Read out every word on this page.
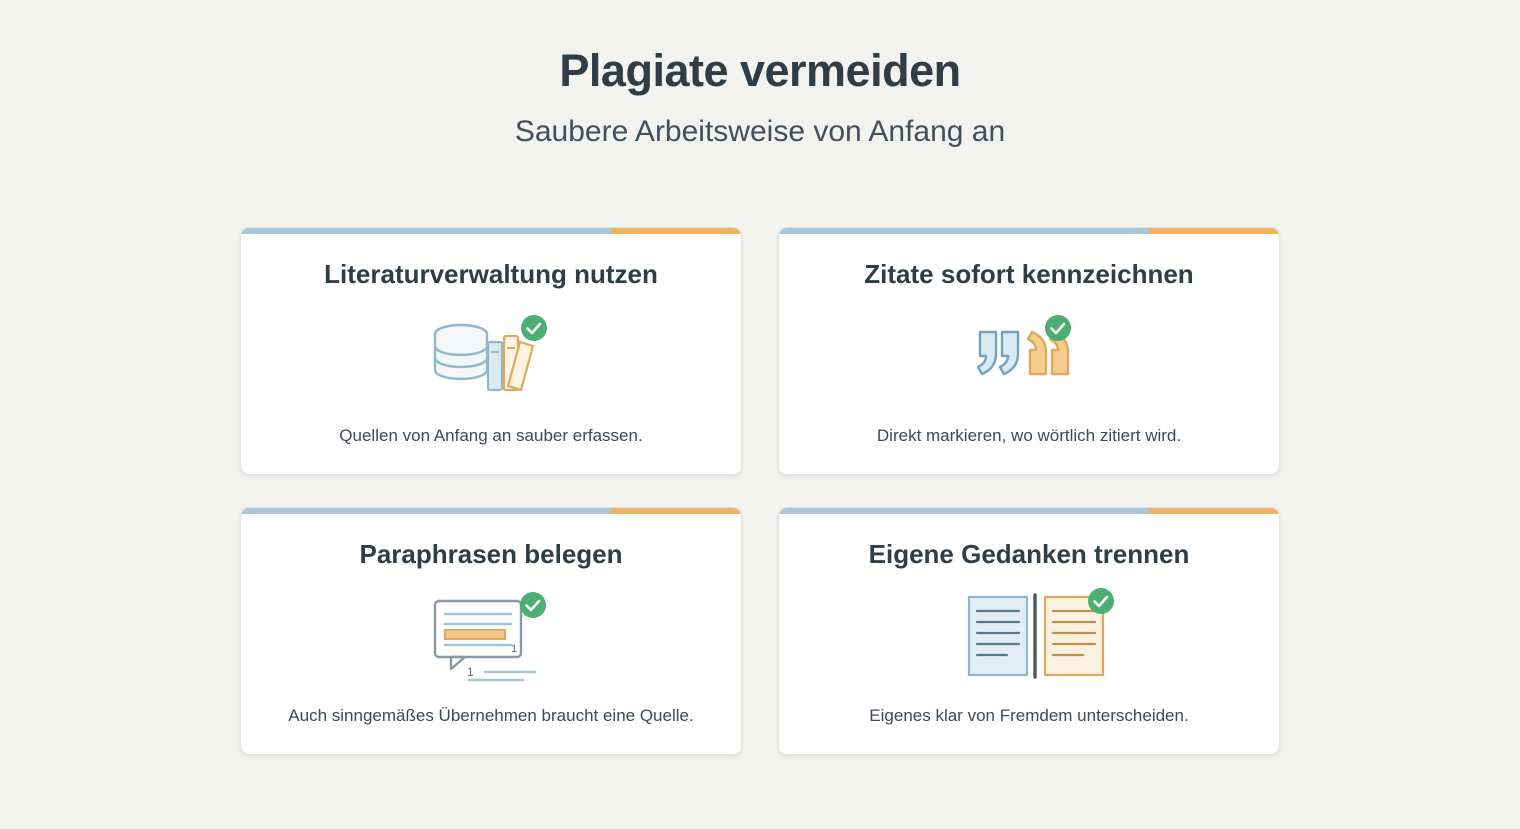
Plagiate vermeiden
Saubere Arbeitsweise von Anfang an
Literaturverwaltung nutzen
Quellen von Anfang an sauber erfassen.
Zitate sofort kennzeichnen
Direkt markieren, wo wörtlich zitiert wird.
Paraphrasen belegen
1
1
Auch sinngemäßes Übernehmen braucht eine Quelle.
Eigene Gedanken trennen
Eigenes klar von Fremdem unterscheiden.
